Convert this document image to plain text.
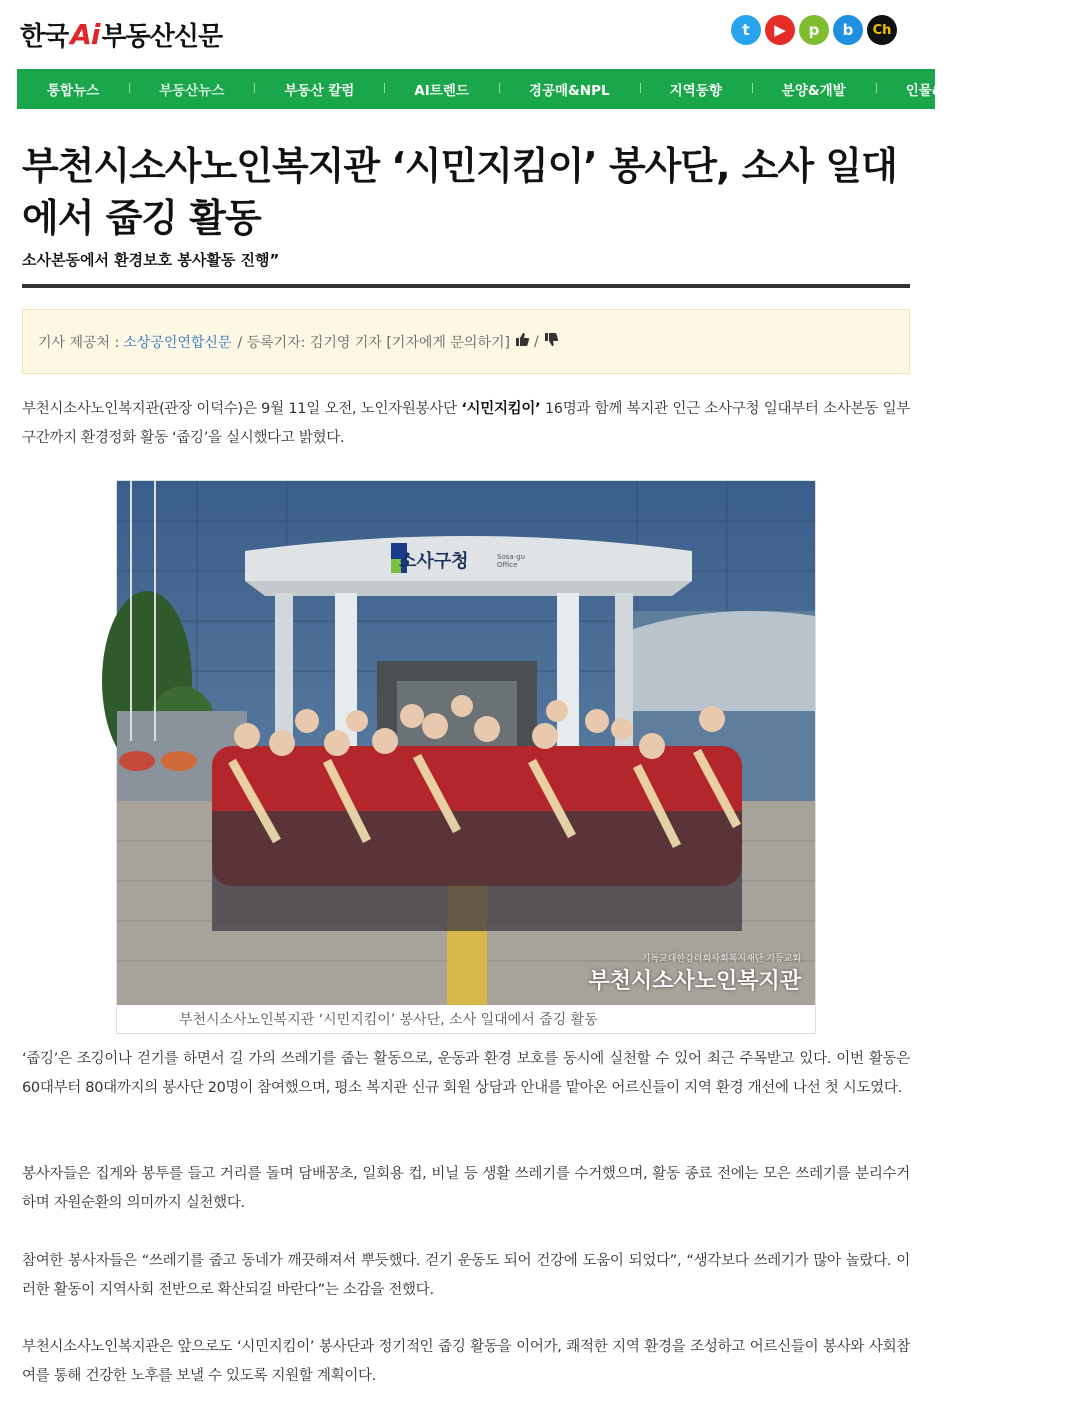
한국 Ai 부동산신문	t	▶	p	b	Ch
통합뉴스	부동산뉴스	부동산 칼럼	AI트렌드	경공매&NPL	지역동향	분양&개발	인물&기업	싱
부천시소사노인복지관 ‘시민지킴이’ 봉사단, 소사 일대에서 줍깅 활동
소사본동에서 환경보호 봉사활동 진행”
기사 제공처 : 소상공인연합신문 / 등록기자: 김기영 기자 [기자에게 문의하기] /

부천시소사노인복지관(관장 이덕수)은 9월 11일 오전, 노인자원봉사단 ‘시민지킴이’ 16명과 함께 복지관 인근 소사구청 일대부터 소사본동 일부 구간까지 환경정화 활동 ‘줍깅’을 실시했다고 밝혔다.

소사구청	Sosa-gu
Office
기독교대한감리회사회복지재단 기등교회
부천시소사노인복지관
부천시소사노인복지관 ‘시민지킴이’ 봉사단, 소사 일대에서 줍깅 활동

‘줍깅’은 조깅이나 걷기를 하면서 길 가의 쓰레기를 줍는 활동으로, 운동과 환경 보호를 동시에 실천할 수 있어 최근 주목받고 있다. 이번 활동은 60대부터 80대까지의 봉사단 20명이 참여했으며, 평소 복지관 신규 회원 상담과 안내를 맡아온 어르신들이 지역 환경 개선에 나선 첫 시도였다.

봉사자들은 집게와 봉투를 들고 거리를 돌며 담배꽁초, 일회용 컵, 비닐 등 생활 쓰레기를 수거했으며, 활동 종료 전에는 모은 쓰레기를 분리수거하며 자원순환의 의미까지 실천했다.

참여한 봉사자들은 “쓰레기를 줍고 동네가 깨끗해져서 뿌듯했다. 걷기 운동도 되어 건강에 도움이 되었다”, “생각보다 쓰레기가 많아 놀랐다. 이러한 활동이 지역사회 전반으로 확산되길 바란다”는 소감을 전했다.

부천시소사노인복지관은 앞으로도 ‘시민지킴이’ 봉사단과 정기적인 줍깅 활동을 이어가, 쾌적한 지역 환경을 조성하고 어르신들이 봉사와 사회참여를 통해 건강한 노후를 보낼 수 있도록 지원할 계획이다.
